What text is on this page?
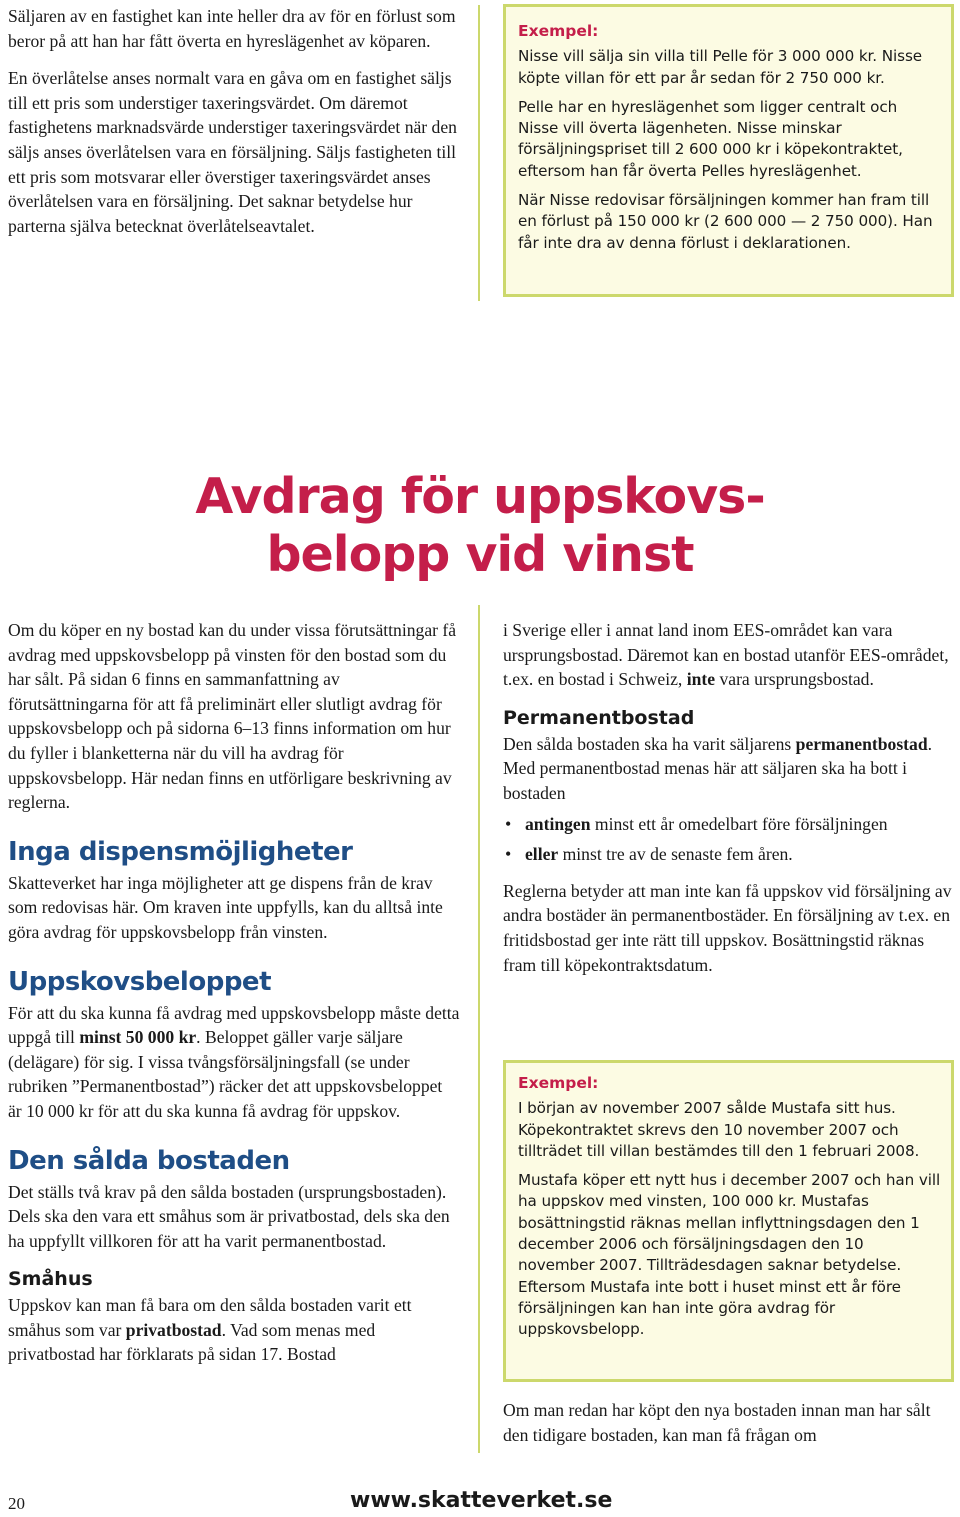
Säljaren av en fastighet kan inte heller dra av för en förlust som beror på att han har fått överta en hyreslägenhet av köparen.

En överlåtelse anses normalt vara en gåva om en fastighet säljs till ett pris som understiger taxeringsvärdet. Om däremot fastighetens marknadsvärde understiger taxeringsvärdet när den säljs anses överlåtelsen vara en försäljning. Säljs fastigheten till ett pris som motsvarar eller överstiger taxeringsvärdet anses överlåtelsen vara en försäljning. Det saknar betydelse hur parterna själva betecknat överlåtelseavtalet.

Exempel:

Nisse vill sälja sin villa till Pelle för 3 000 000 kr. Nisse köpte villan för ett par år sedan för 2 750 000 kr.

Pelle har en hyreslägenhet som ligger centralt och Nisse vill överta lägenheten. Nisse minskar försäljningspriset till 2 600 000 kr i köpekontraktet, eftersom han får överta Pelles hyreslägenhet.

När Nisse redovisar försäljningen kommer han fram till en förlust på 150 000 kr (2 600 000 — 2 750 000). Han får inte dra av denna förlust i deklarationen.

Avdrag för uppskovs-
belopp vid vinst

Om du köper en ny bostad kan du under vissa förutsättningar få avdrag med uppskovsbelopp på vinsten för den bostad som du har sålt. På sidan 6 finns en sammanfattning av förutsättningarna för att få preliminärt eller slutligt avdrag för uppskovsbelopp och på sidorna 6–13 finns information om hur du fyller i blanketterna när du vill ha avdrag för uppskovsbelopp. Här nedan finns en utförligare beskrivning av reglerna.

Inga dispensmöjligheter

Skatteverket har inga möjligheter att ge dispens från de krav som redovisas här. Om kraven inte uppfylls, kan du alltså inte göra avdrag för uppskovsbelopp från vinsten.

Uppskovsbeloppet

För att du ska kunna få avdrag med uppskovsbelopp måste detta uppgå till minst 50 000 kr. Beloppet gäller varje säljare (delägare) för sig. I vissa tvångsförsäljningsfall (se under rubriken ”Permanentbostad”) räcker det att uppskovsbeloppet är 10 000 kr för att du ska kunna få avdrag för uppskov.

Den sålda bostaden

Det ställs två krav på den sålda bostaden (ursprungsbostaden). Dels ska den vara ett småhus som är privatbostad, dels ska den ha uppfyllt villkoren för att ha varit permanentbostad.

Småhus

Uppskov kan man få bara om den sålda bostaden varit ett småhus som var privatbostad. Vad som menas med privatbostad har förklarats på sidan 17. Bostad

i Sverige eller i annat land inom EES-området kan vara ursprungsbostad. Däremot kan en bostad utanför EES-området, t.ex. en bostad i Schweiz, inte vara ursprungsbostad.

Permanentbostad

Den sålda bostaden ska ha varit säljarens permanentbostad. Med permanentbostad menas här att säljaren ska ha bott i bostaden

• antingen minst ett år omedelbart före försäljningen
• eller minst tre av de senaste fem åren.

Reglerna betyder att man inte kan få uppskov vid försäljning av andra bostäder än permanentbostäder. En försäljning av t.ex. en fritidsbostad ger inte rätt till uppskov. Bosättningstid räknas fram till köpekontraktsdatum.

Exempel:

I början av november 2007 sålde Mustafa sitt hus. Köpekontraktet skrevs den 10 november 2007 och tillträdet till villan bestämdes till den 1 februari 2008.

Mustafa köper ett nytt hus i december 2007 och han vill ha uppskov med vinsten, 100 000 kr. Mustafas bosättningstid räknas mellan inflyttningsdagen den 1 december 2006 och försäljningsdagen den 10 november 2007. Tillträdesdagen saknar betydelse. Eftersom Mustafa inte bott i huset minst ett år före försäljningen kan han inte göra avdrag för uppskovsbelopp.

Om man redan har köpt den nya bostaden innan man har sålt den tidigare bostaden, kan man få frågan om

20	www.skatteverket.se
